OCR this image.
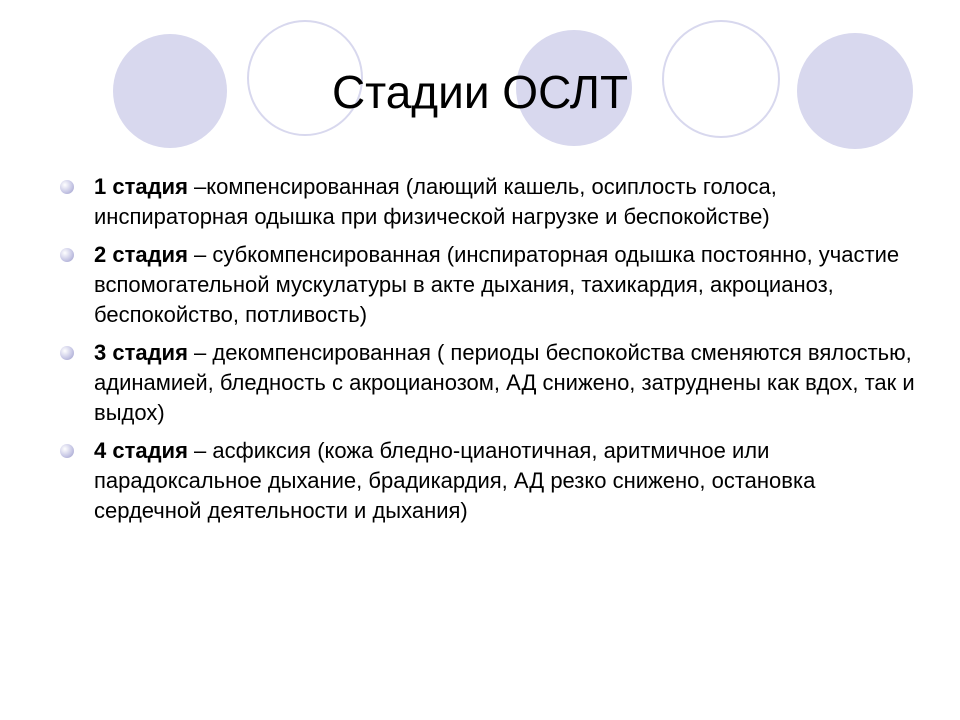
Стадии ОСЛТ
1 стадия –компенсированная (лающий кашель, осиплость голоса, инспираторная одышка при физической нагрузке и беспокойстве)
2 стадия – субкомпенсированная (инспираторная одышка постоянно, участие вспомогательной мускулатуры в акте дыхания, тахикардия, акроцианоз, беспокойство, потливость)
3 стадия – декомпенсированная ( периоды беспокойства сменяются вялостью, адинамией, бледность с акроцианозом, АД снижено, затруднены как вдох, так и выдох)
4 стадия – асфиксия (кожа бледно-цианотичная, аритмичное или парадоксальное дыхание, брадикардия, АД резко снижено, остановка сердечной деятельности и дыхания)
